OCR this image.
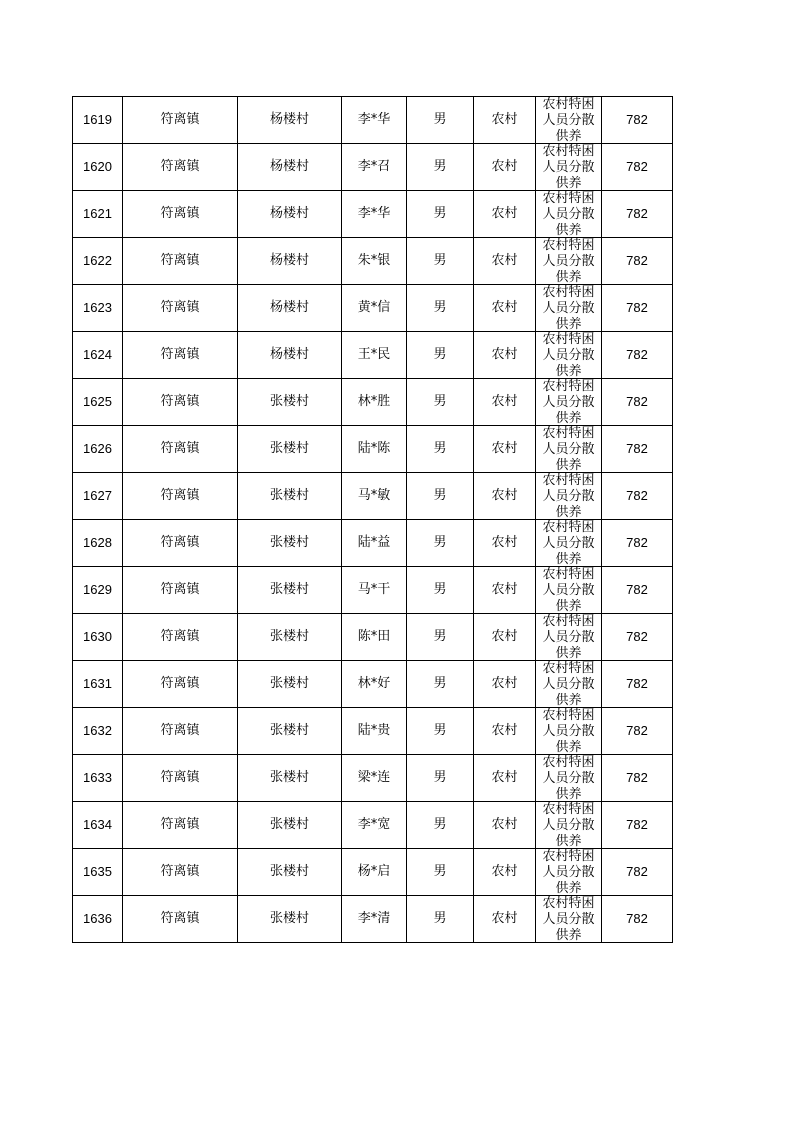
1619	符离镇	杨楼村	李*华	男	农村	农村特困人员分散供养	782
1620	符离镇	杨楼村	李*召	男	农村	农村特困人员分散供养	782
1621	符离镇	杨楼村	李*华	男	农村	农村特困人员分散供养	782
1622	符离镇	杨楼村	朱*银	男	农村	农村特困人员分散供养	782
1623	符离镇	杨楼村	黄*信	男	农村	农村特困人员分散供养	782
1624	符离镇	杨楼村	王*民	男	农村	农村特困人员分散供养	782
1625	符离镇	张楼村	林*胜	男	农村	农村特困人员分散供养	782
1626	符离镇	张楼村	陆*陈	男	农村	农村特困人员分散供养	782
1627	符离镇	张楼村	马*敏	男	农村	农村特困人员分散供养	782
1628	符离镇	张楼村	陆*益	男	农村	农村特困人员分散供养	782
1629	符离镇	张楼村	马*干	男	农村	农村特困人员分散供养	782
1630	符离镇	张楼村	陈*田	男	农村	农村特困人员分散供养	782
1631	符离镇	张楼村	林*好	男	农村	农村特困人员分散供养	782
1632	符离镇	张楼村	陆*贵	男	农村	农村特困人员分散供养	782
1633	符离镇	张楼村	梁*连	男	农村	农村特困人员分散供养	782
1634	符离镇	张楼村	李*宽	男	农村	农村特困人员分散供养	782
1635	符离镇	张楼村	杨*启	男	农村	农村特困人员分散供养	782
1636	符离镇	张楼村	李*清	男	农村	农村特困人员分散供养	782
